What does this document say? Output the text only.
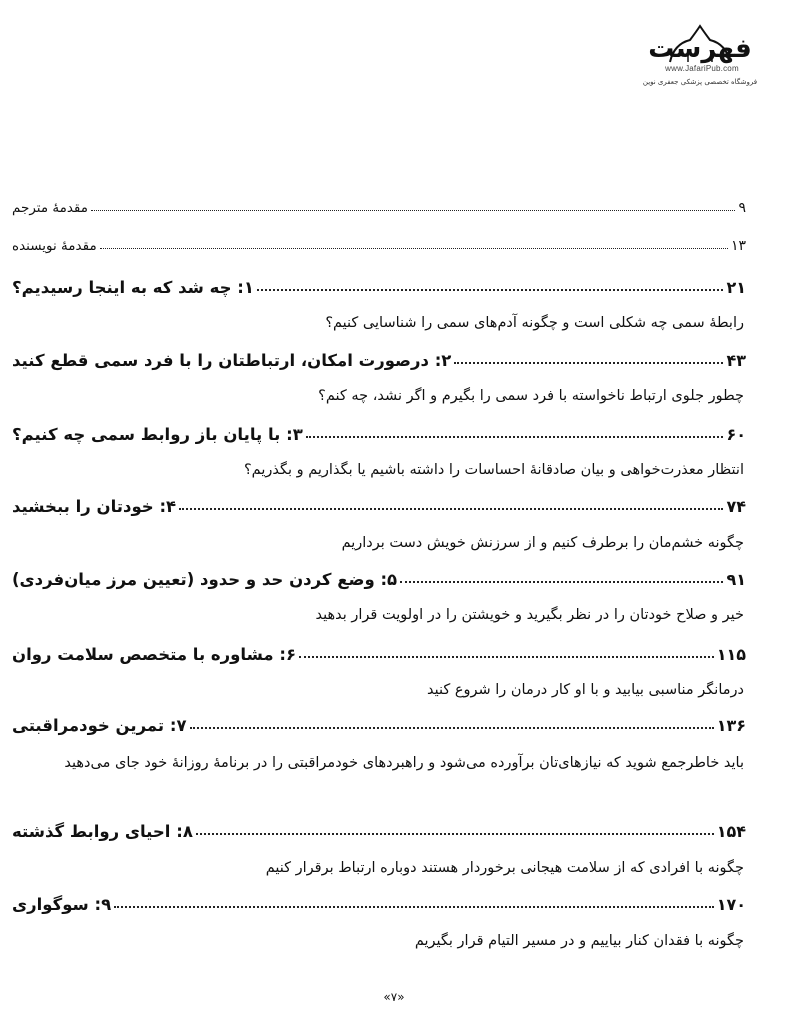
فهرست
www.JafariPub.com
فروشگاه تخصصی پزشکی جعفری نوین
مقدمهٔ مترجم	۹
مقدمهٔ نویسنده	۱۳
۱: چه شد که به اینجا رسیدیم؟	۲۱
رابطهٔ سمی چه شکلی است و چگونه آدم‌های سمی را شناسایی کنیم؟
۲: درصورت امکان، ارتباطتان را با فرد سمی قطع کنید	۴۳
چطور جلوی ارتباط ناخواسته با فرد سمی را بگیرم و اگر نشد، چه کنم؟
۳: با پایان باز روابط سمی چه کنیم؟	۶۰
انتظار معذرت‌خواهی و بیان صادقانهٔ احساسات را داشته باشیم یا بگذاریم و بگذریم؟
۴: خودتان را ببخشید	۷۴
چگونه خشم‌مان را برطرف کنیم و از سرزنش خویش دست برداریم
۵: وضع کردن حد و حدود (تعیین مرز میان‌فردی)	۹۱
خیر و صلاح خودتان را در نظر بگیرید و خویشتن را در اولویت قرار بدهید
۶: مشاوره با متخصص سلامت روان	۱۱۵
درمانگر مناسبی بیابید و با او کار درمان را شروع کنید
۷: تمرین خودمراقبتی	۱۳۶
باید خاطرجمع شوید که نیازهای‌تان برآورده می‌شود و راهبردهای خودمراقبتی را در برنامهٔ روزانهٔ خود جای می‌دهید
۸: احیای روابط گذشته	۱۵۴
چگونه با افرادی که از سلامت هیجانی برخوردار هستند دوباره ارتباط برقرار کنیم
۹: سوگواری	۱۷۰
چگونه با فقدان کنار بیاییم و در مسیر التیام قرار بگیریم
«۷»
